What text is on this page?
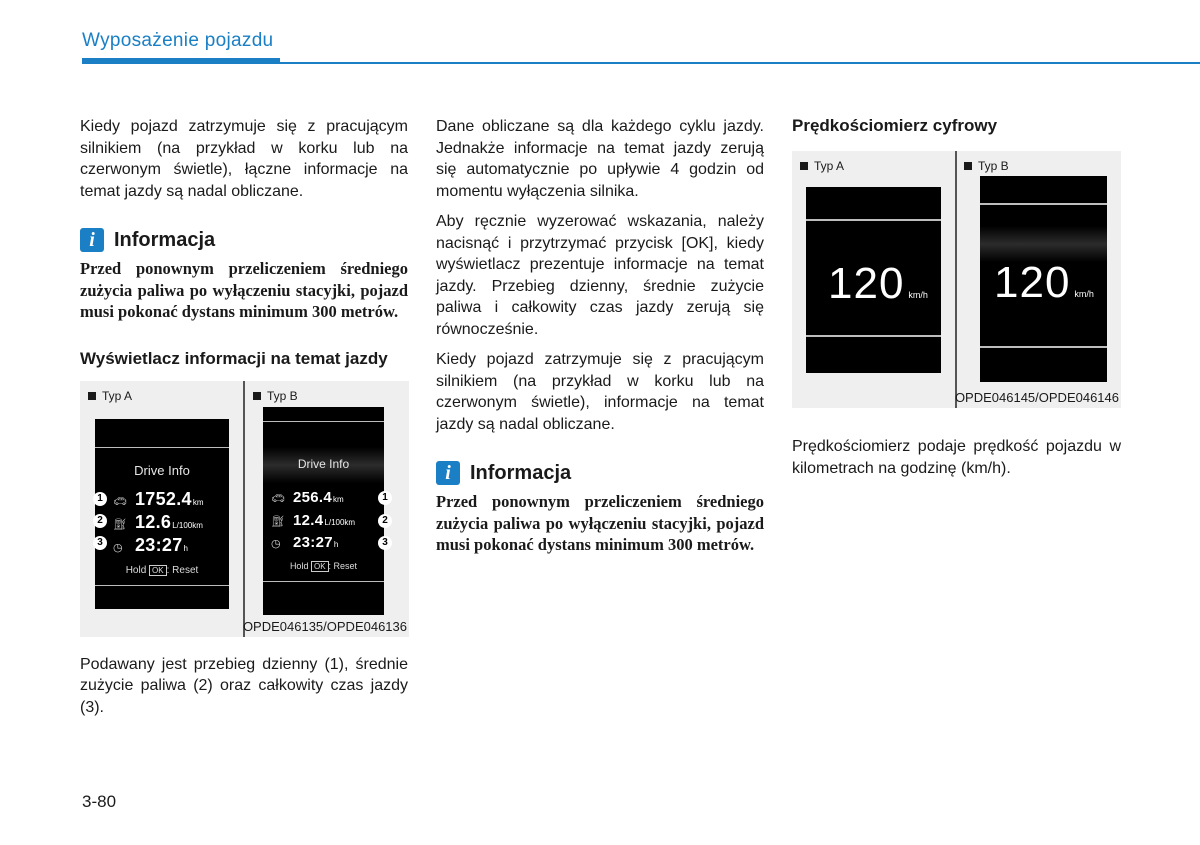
Wyposażenie pojazdu

Kiedy pojazd zatrzymuje się z pracującym silnikiem (na przykład w korku lub na czerwonym świetle), łączne informacje na temat jazdy są nadal obliczane.

i Informacja

Przed ponownym przeliczeniem średniego zużycia paliwa po wyłączeniu stacyjki, pojazd musi pokonać dystans minimum 300 metrów.

Wyświetlacz informacji na temat jazdy
Typ A	Typ B
Drive Info
🚗︎ 1752.4 km
⛽︎ 12.6 L/100km
◷ 23:27 h
Hold OK : Reset
1
2
3
Drive Info
🚗︎ 256.4 km
⛽︎ 12.4 L/100km
◷ 23:27 h
Hold OK : Reset
1
2
3
OPDE046135/OPDE046136

Podawany jest przebieg dzienny (1), średnie zużycie paliwa (2) oraz całkowity czas jazdy (3).

Dane obliczane są dla każdego cyklu jazdy. Jednakże informacje na temat jazdy zerują się automatycznie po upływie 4 godzin od momentu wyłączenia silnika.

Aby ręcznie wyzerować wskazania, należy nacisnąć i przytrzymać przycisk [OK], kiedy wyświetlacz prezentuje informacje na temat jazdy. Przebieg dzienny, średnie zużycie paliwa i całkowity czas jazdy zerują się równocześnie.

Kiedy pojazd zatrzymuje się z pracującym silnikiem (na przykład w korku lub na czerwonym świetle), informacje na temat jazdy są nadal obliczane.

i Informacja

Przed ponownym przeliczeniem średniego zużycia paliwa po wyłączeniu stacyjki, pojazd musi pokonać dystans minimum 300 metrów.

Prędkościomierz cyfrowy
Typ A	Typ B
120 km/h 120 km/h
OPDE046145/OPDE046146

Prędkościomierz podaje prędkość pojazdu w kilometrach na godzinę (km/h).

3-80
